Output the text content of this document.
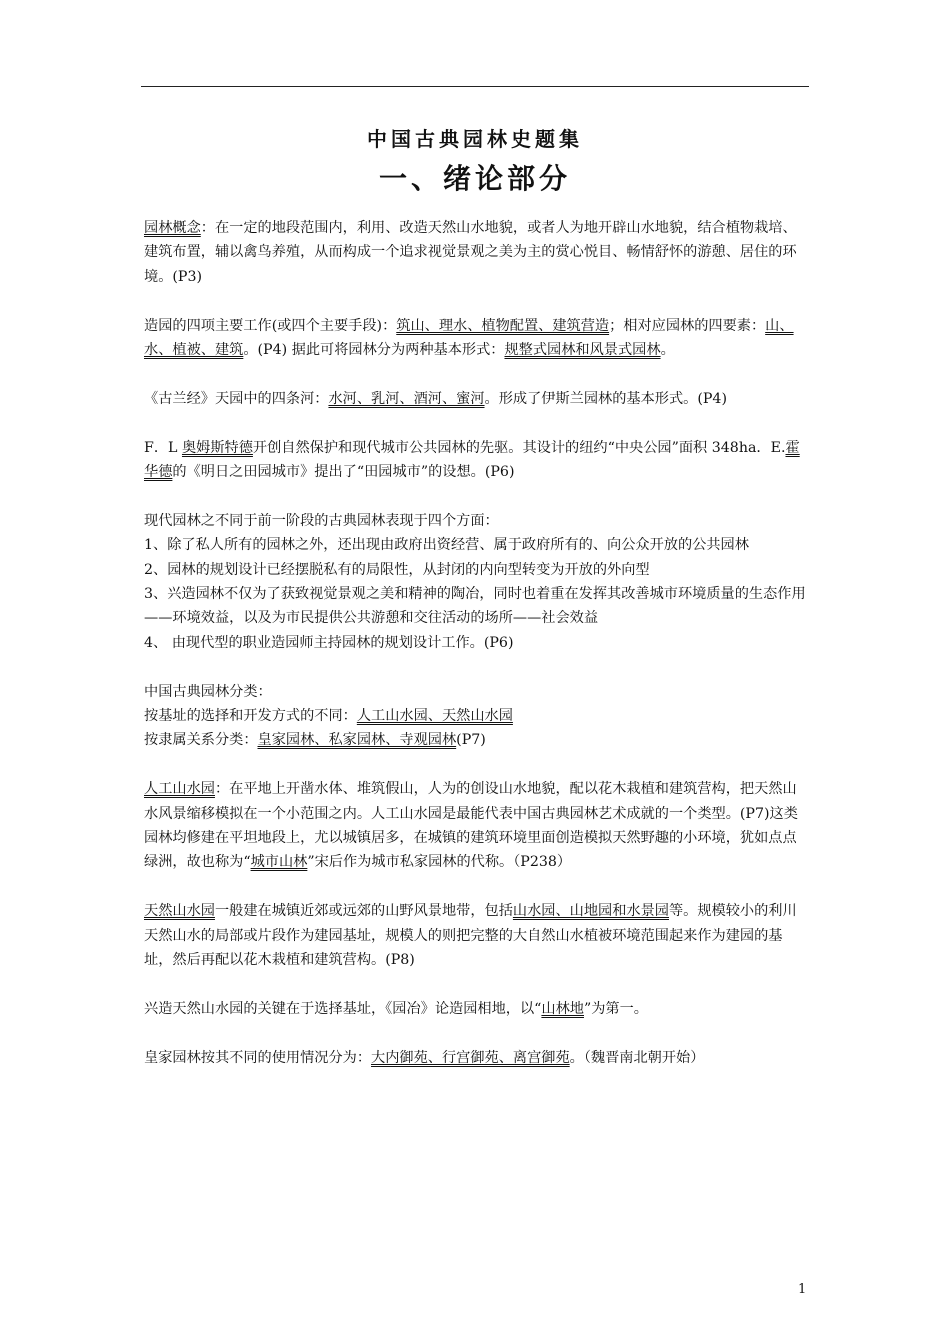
中国古典园林史题集
一、绪论部分

园林概念：在一定的地段范围内，利用、改造天然山水地貌，或者人为地开辟山水地貌，结合植物栽培、建筑布置，辅以禽鸟养殖，从而构成一个追求视觉景观之美为主的赏心悦目、畅情舒怀的游憩、居住的环境。(P3)

造园的四项主要工作(或四个主要手段)：筑山、理水、植物配置、建筑营造；相对应园林的四要素：山、水、植被、建筑。(P4) 据此可将园林分为两种基本形式：规整式园林和风景式园林。

《古兰经》天园中的四条河：水河、乳河、酒河、蜜河。形成了伊斯兰园林的基本形式。(P4)

F．L 奥姆斯特德开创自然保护和现代城市公共园林的先驱。其设计的纽约“中央公园”面积 348ha．E.霍华德的《明日之田园城市》提出了“田园城市”的设想。(P6)

现代园林之不同于前一阶段的古典园林表现于四个方面：
1、除了私人所有的园林之外，还出现由政府出资经营、属于政府所有的、向公众开放的公共园林
2、园林的规划设计已经摆脱私有的局限性，从封闭的内向型转变为开放的外向型
3、兴造园林不仅为了获致视觉景观之美和精神的陶冶，同时也着重在发挥其改善城市环境质量的生态作用——环境效益，以及为市民提供公共游憩和交往活动的场所——社会效益
4、 由现代型的职业造园师主持园林的规划设计工作。(P6)

中国古典园林分类：
按基址的选择和开发方式的不同：人工山水园、天然山水园
按隶属关系分类：皇家园林、私家园林、寺观园林(P7)

人工山水园：在平地上开凿水体、堆筑假山，人为的创设山水地貌，配以花木栽植和建筑营构，把天然山水风景缩移模拟在一个小范围之内。人工山水园是最能代表中国古典园林艺术成就的一个类型。(P7)这类园林均修建在平坦地段上，尤以城镇居多，在城镇的建筑环境里面创造模拟天然野趣的小环境，犹如点点绿洲，故也称为“城市山林”宋后作为城市私家园林的代称。（P238）

天然山水园一般建在城镇近郊或远郊的山野风景地带，包括山水园、山地园和水景园等。规模较小的利川天然山水的局部或片段作为建园基址，规模人的则把完整的大自然山水植被环境范围起来作为建园的基址，然后再配以花木栽植和建筑营构。(P8)

兴造天然山水园的关键在于选择基址，《园冶》论造园相地，以“山林地”为第一。

皇家园林按其不同的使用情况分为：大内御苑、行宫御苑、离宫御苑。（魏晋南北朝开始）

1
